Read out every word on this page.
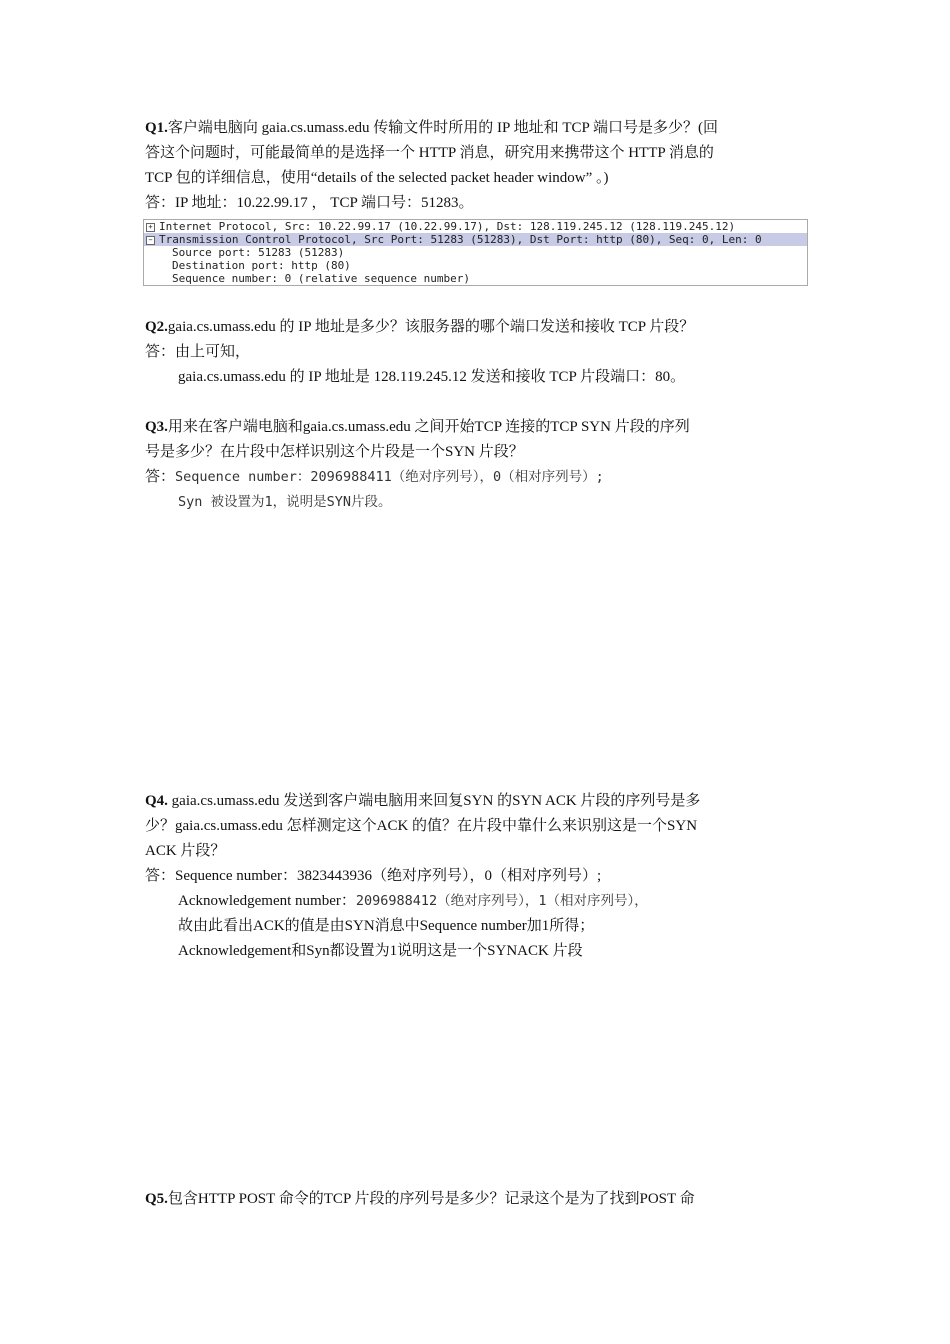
Q1.客户端电脑向 gaia.cs.umass.edu 传输文件时所用的 IP 地址和 TCP 端口号是多少？(回
答这个问题时，可能最简单的是选择一个 HTTP 消息，研究用来携带这个 HTTP 消息的
TCP 包的详细信息，使用“details of the selected packet header window” 。)
答：IP 地址：10.22.99.17 ， TCP 端口号：51283。
+ Internet Protocol, Src: 10.22.99.17 (10.22.99.17), Dst: 128.119.245.12 (128.119.245.12)
− Transmission Control Protocol, Src Port: 51283 (51283), Dst Port: http (80), Seq: 0, Len: 0
Source port: 51283 (51283)
Destination port: http (80)
Sequence number: 0 (relative sequence number)
Q2.gaia.cs.umass.edu 的 IP 地址是多少？该服务器的哪个端口发送和接收 TCP 片段？
答：由上可知，
gaia.cs.umass.edu 的 IP 地址是 128.119.245.12 发送和接收 TCP 片段端口：80。
Q3.用来在客户端电脑和gaia.cs.umass.edu 之间开始TCP 连接的TCP SYN 片段的序列
号是多少？在片段中怎样识别这个片段是一个SYN 片段？
答：Sequence number：2096988411（绝对序列号），0（相对序列号）;
Syn 被设置为1，说明是SYN片段。
Q4. gaia.cs.umass.edu 发送到客户端电脑用来回复SYN 的SYN ACK 片段的序列号是多
少？gaia.cs.umass.edu 怎样测定这个ACK 的值？在片段中靠什么来识别这是一个SYN
ACK 片段？
答：Sequence number：3823443936（绝对序列号），0（相对序列号）;
Acknowledgement number：2096988412（绝对序列号），1（相对序列号），
故由此看出ACK的值是由SYN消息中Sequence number加1所得；
Acknowledgement和Syn都设置为1说明这是一个SYNACK 片段
Q5.包含HTTP POST 命令的TCP 片段的序列号是多少？记录这个是为了找到POST 命
